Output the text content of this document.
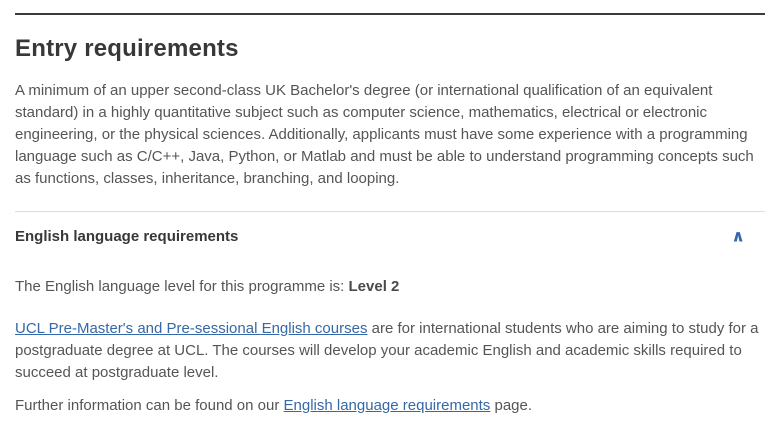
Entry requirements

A minimum of an upper second-class UK Bachelor's degree (or international qualification of an equivalent standard) in a highly quantitative subject such as computer science, mathematics, electrical or electronic engineering, or the physical sciences. Additionally, applicants must have some experience with a programming language such as C/C++, Java, Python, or Matlab and must be able to understand programming concepts such as functions, classes, inheritance, branching, and looping.

English language requirements	∧

The English language level for this programme is: Level 2

UCL Pre-Master's and Pre-sessional English courses are for international students who are aiming to study for a postgraduate degree at UCL. The courses will develop your academic English and academic skills required to succeed at postgraduate level.

Further information can be found on our English language requirements page.
